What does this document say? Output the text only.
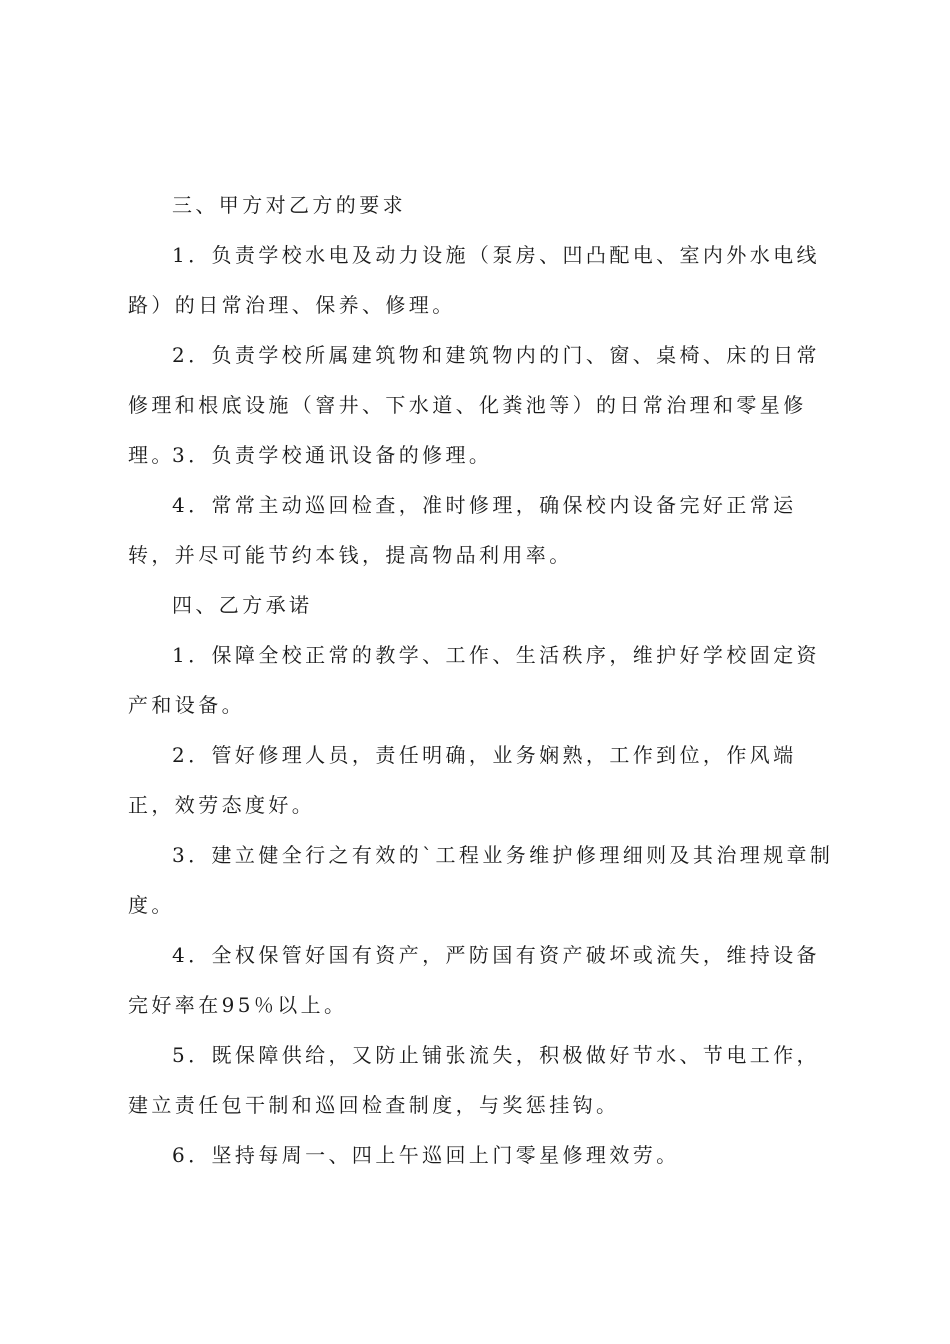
三、甲方对乙方的要求

1．负责学校水电及动力设施（泵房、凹凸配电、室内外水电线路）的日常治理、保养、修理。

2．负责学校所属建筑物和建筑物内的门、窗、桌椅、床的日常修理和根底设施（窨井、下水道、化粪池等）的日常治理和零星修理。

3．负责学校通讯设备的修理。

4．常常主动巡回检查，准时修理，确保校内设备完好正常运转，并尽可能节约本钱，提高物品利用率。

四、乙方承诺

1．保障全校正常的教学、工作、生活秩序，维护好学校固定资产和设备。

2．管好修理人员，责任明确，业务娴熟，工作到位，作风端正，效劳态度好。

3．建立健全行之有效的`工程业务维护修理细则及其治理规章制度。

4．全权保管好国有资产，严防国有资产破坏或流失，维持设备完好率在95％以上。

5．既保障供给，又防止铺张流失，积极做好节水、节电工作，建立责任包干制和巡回检查制度，与奖惩挂钩。

6．坚持每周一、四上午巡回上门零星修理效劳。
